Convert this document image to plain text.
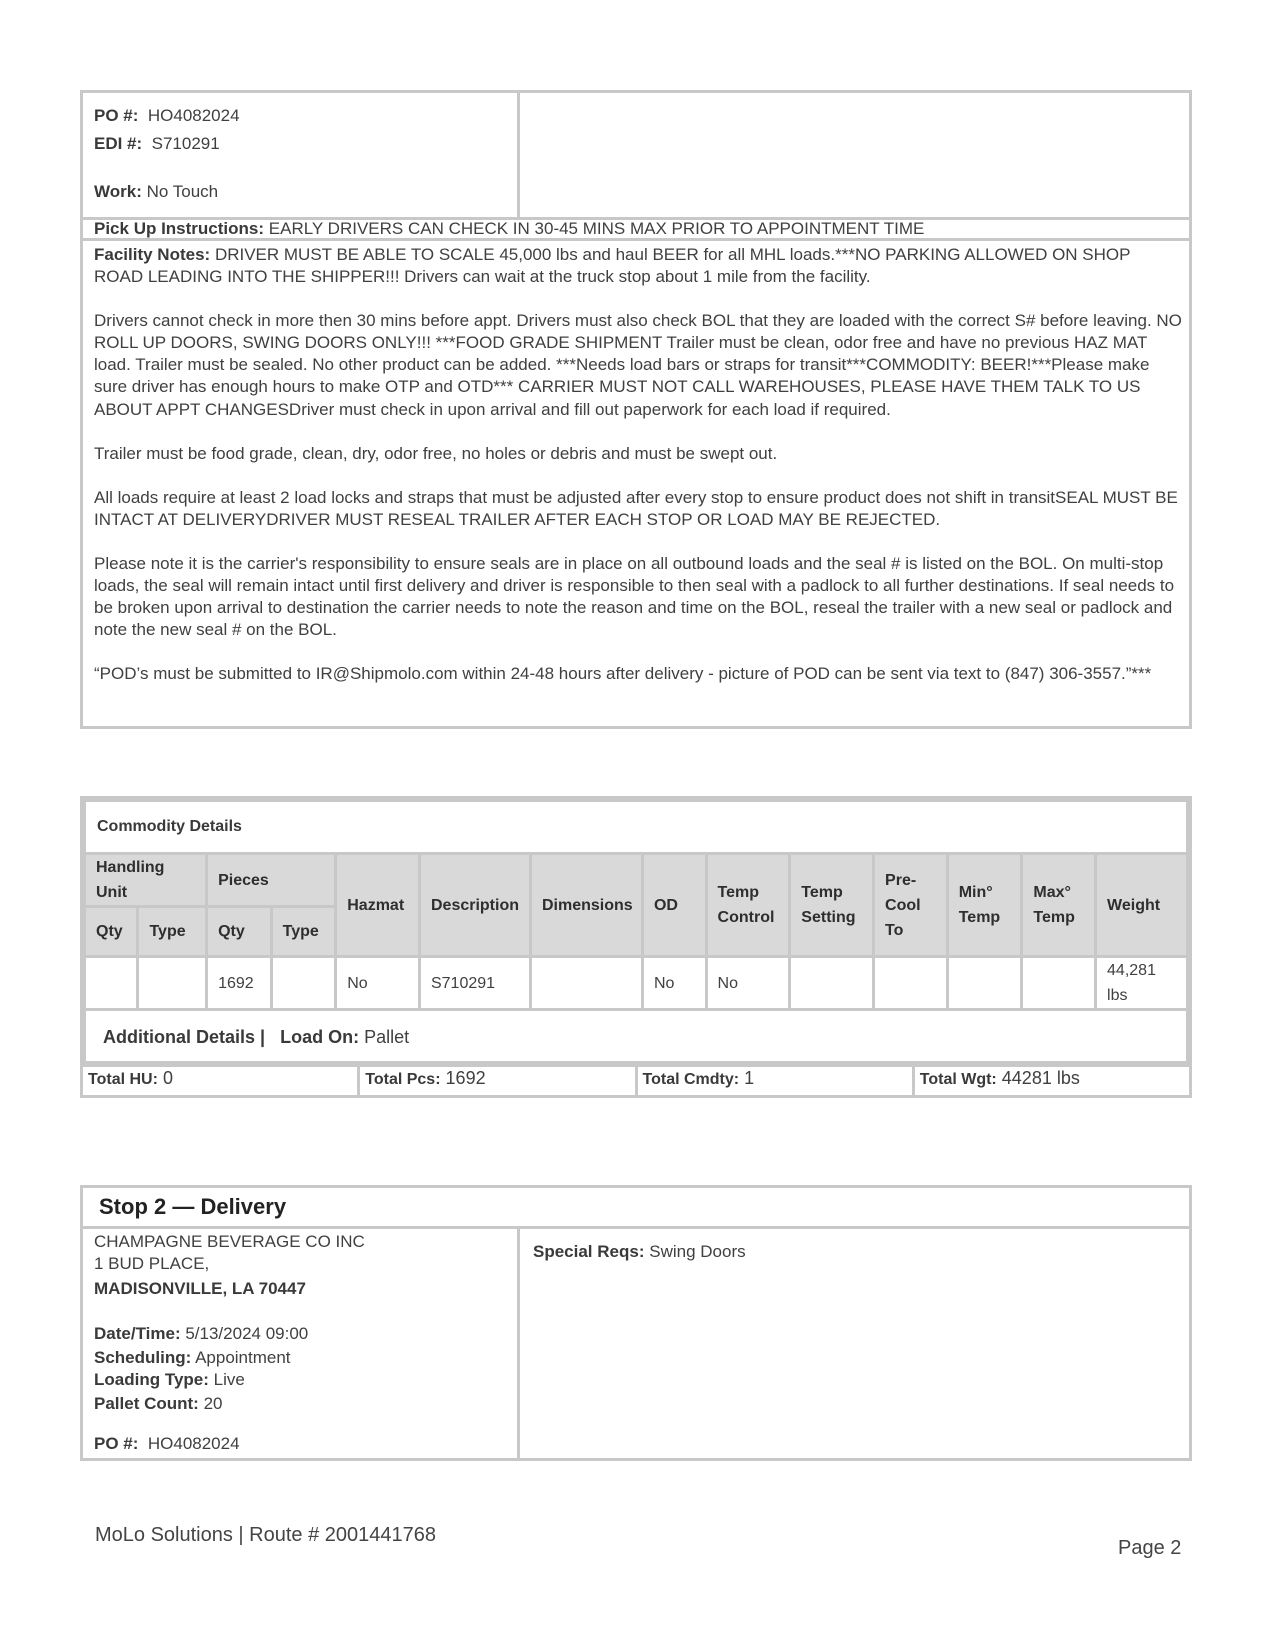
PO #: HO4082024
EDI #: S710291
Work: No Touch
Pick Up Instructions: EARLY DRIVERS CAN CHECK IN 30-45 MINS MAX PRIOR TO APPOINTMENT TIME

Facility Notes: DRIVER MUST BE ABLE TO SCALE 45,000 lbs and haul BEER for all MHL loads.***NO PARKING ALLOWED ON SHOP ROAD LEADING INTO THE SHIPPER!!! Drivers can wait at the truck stop about 1 mile from the facility.

Drivers cannot check in more then 30 mins before appt. Drivers must also check BOL that they are loaded with the correct S# before leaving. NO ROLL UP DOORS, SWING DOORS ONLY!!! ***FOOD GRADE SHIPMENT Trailer must be clean, odor free and have no previous HAZ MAT load. Trailer must be sealed. No other product can be added. ***Needs load bars or straps for transit***COMMODITY: BEER!***Please make sure driver has enough hours to make OTP and OTD*** CARRIER MUST NOT CALL WAREHOUSES, PLEASE HAVE THEM TALK TO US ABOUT APPT CHANGESDriver must check in upon arrival and fill out paperwork for each load if required.

Trailer must be food grade, clean, dry, odor free, no holes or debris and must be swept out.

All loads require at least 2 load locks and straps that must be adjusted after every stop to ensure product does not shift in transitSEAL MUST BE INTACT AT DELIVERYDRIVER MUST RESEAL TRAILER AFTER EACH STOP OR LOAD MAY BE REJECTED.

Please note it is the carrier's responsibility to ensure seals are in place on all outbound loads and the seal # is listed on the BOL. On multi-stop loads, the seal will remain intact until first delivery and driver is responsible to then seal with a padlock to all further destinations. If seal needs to be broken upon arrival to destination the carrier needs to note the reason and time on the BOL, reseal the trailer with a new seal or padlock and note the new seal # on the BOL.

“POD’s must be submitted to IR@Shipmolo.com within 24-48 hours after delivery - picture of POD can be sent via text to (847) 306-3557.”***

Commodity Details													
Handling Unit		Pieces		Hazmat	Description	Dimensions	OD	Temp Control	Temp Setting	Pre-Cool To	Min° Temp	Max° Temp	Weight
Qty	Type	Qty	Type										
		1692		No	S710291		No	No					44,281 lbs
Additional Details | Load On: Pallet													
Total HU: 0	Total Pcs: 1692	Total Cmdty: 1	Total Wgt: 44281 lbs
Stop 2 — Delivery
CHAMPAGNE BEVERAGE CO INC
1 BUD PLACE,
MADISONVILLE, LA 70447
Date/Time: 5/13/2024 09:00
Scheduling: Appointment
Loading Type: Live
Pallet Count: 20
PO #: HO4082024
Special Reqs: Swing Doors
MoLo Solutions | Route # 2001441768
Page 2
